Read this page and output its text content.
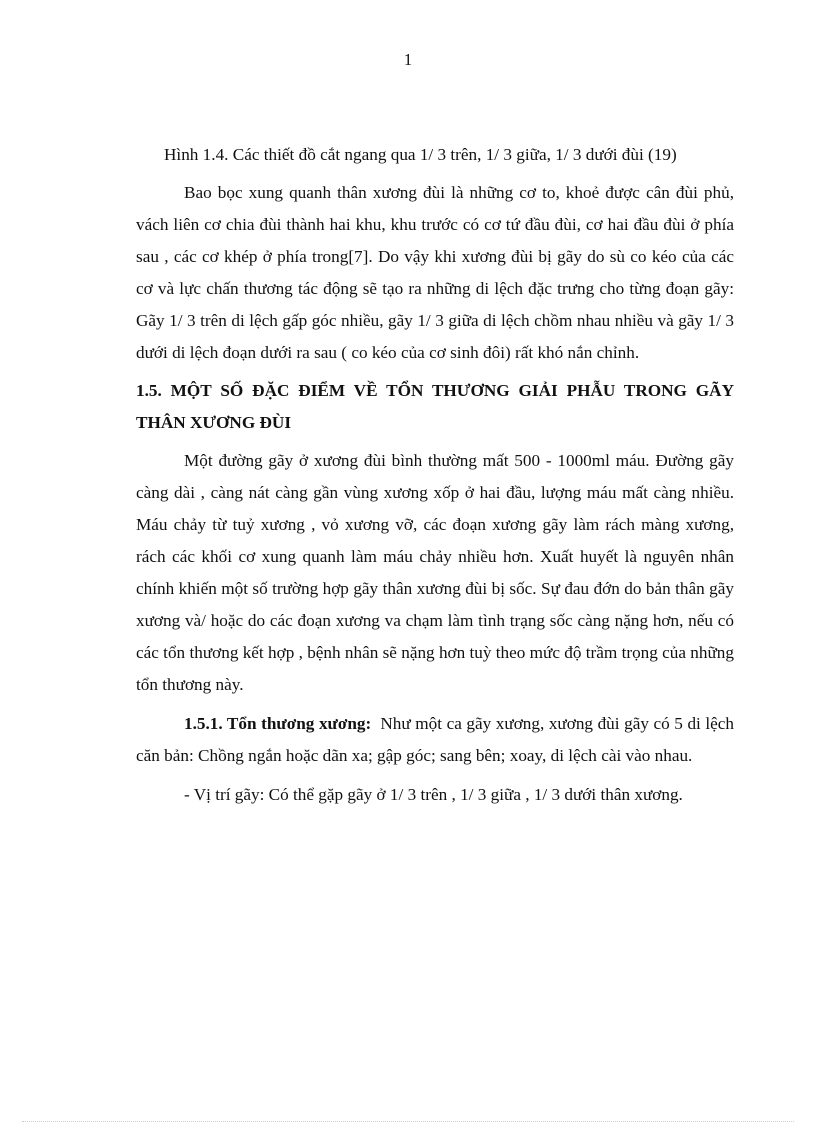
1

Hình 1.4. Các thiết đồ cắt ngang qua 1/ 3 trên, 1/ 3 giữa, 1/ 3 dưới đùi (19)

Bao bọc xung quanh thân xương đùi là những cơ to, khoẻ được cân đùi phủ, vách liên cơ chia đùi thành hai khu, khu trước có cơ tứ đầu đùi, cơ hai đầu đùi ở phía sau , các cơ khép ở phía trong[7]. Do vậy khi xương đùi bị gãy do sù co kéo của các cơ và lực chấn thương tác động sẽ tạo ra những di lệch đặc trưng cho từng đoạn gãy: Gãy 1/ 3 trên di lệch gấp góc nhiều, gãy 1/ 3 giữa di lệch chồm nhau nhiều và gãy 1/ 3 dưới di lệch đoạn dưới ra sau ( co kéo của cơ sinh đôi) rất khó nắn chỉnh.

1.5. MỘT SỐ ĐẶC ĐIỂM VỀ TỔN THƯƠNG GIẢI PHẪU TRONG GÃY THÂN XƯƠNG ĐÙI

Một đường gãy ở xương đùi bình thường mất 500 - 1000ml máu. Đường gãy càng dài , càng nát càng gần vùng xương xốp ở hai đầu, lượng máu mất càng nhiều. Máu chảy từ tuỷ xương , vỏ xương vỡ, các đoạn xương gãy làm rách màng xương, rách các khối cơ xung quanh làm máu chảy nhiều hơn. Xuất huyết là nguyên nhân chính khiến một số trường hợp gãy thân xương đùi bị sốc. Sự đau đớn do bản thân gãy xương và/ hoặc do các đoạn xương va chạm làm tình trạng sốc càng nặng hơn, nếu có các tổn thương kết hợp , bệnh nhân sẽ nặng hơn tuỳ theo mức độ trầm trọng của những tổn thương này.

1.5.1. Tổn thương xương: Như một ca gãy xương, xương đùi gãy có 5 di lệch căn bản: Chồng ngắn hoặc dãn xa; gập góc; sang bên; xoay, di lệch cài vào nhau.

- Vị trí gãy: Có thể gặp gãy ở 1/ 3 trên , 1/ 3 giữa , 1/ 3 dưới thân xương.
